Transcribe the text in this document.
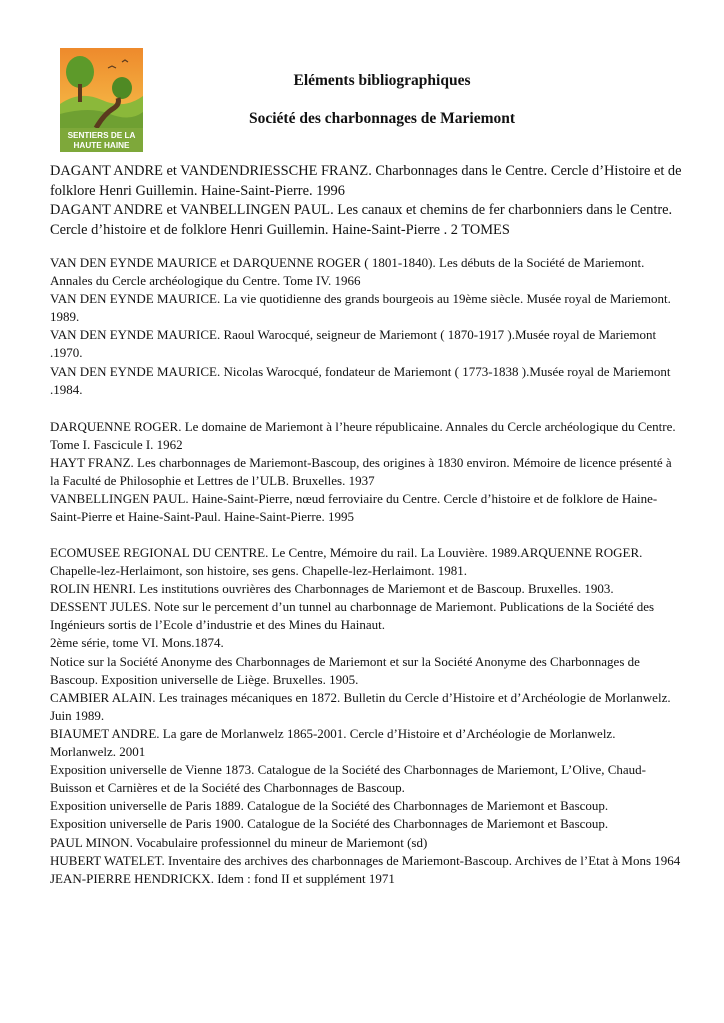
SENTIERS DE LA
HAUTE HAINE
Eléments bibliographiques
Société des charbonnages de Mariemont

DAGANT ANDRE et VANDENDRIESSCHE FRANZ. Charbonnages dans le Centre. Cercle d’Histoire et de folklore Henri Guillemin. Haine-Saint-Pierre. 1996

DAGANT ANDRE et VANBELLINGEN PAUL. Les canaux et chemins de fer charbonniers dans le Centre. Cercle d’histoire et de folklore Henri Guillemin. Haine-Saint-Pierre . 2 TOMES

VAN DEN EYNDE MAURICE et DARQUENNE ROGER ( 1801-1840). Les débuts de la Société de Mariemont. Annales du Cercle archéologique du Centre. Tome IV. 1966

VAN DEN EYNDE MAURICE. La vie quotidienne des grands bourgeois au 19ème siècle. Musée royal de Mariemont. 1989.

VAN DEN EYNDE MAURICE. Raoul Warocqué, seigneur de Mariemont ( 1870-1917 ).Musée royal de Mariemont .1970.

VAN DEN EYNDE MAURICE. Nicolas Warocqué, fondateur de Mariemont ( 1773-1838 ).Musée royal de Mariemont .1984.

DARQUENNE ROGER. Le domaine de Mariemont à l’heure républicaine. Annales du Cercle archéologique du Centre. Tome I. Fascicule I. 1962

HAYT FRANZ. Les charbonnages de Mariemont-Bascoup, des origines à 1830 environ. Mémoire de licence présenté à la Faculté de Philosophie et Lettres de l’ULB. Bruxelles. 1937

VANBELLINGEN PAUL. Haine-Saint-Pierre, nœud ferroviaire du Centre. Cercle d’histoire et de folklore de Haine-Saint-Pierre et Haine-Saint-Paul. Haine-Saint-Pierre. 1995

ECOMUSEE REGIONAL DU CENTRE. Le Centre, Mémoire du rail. La Louvière. 1989.ARQUENNE ROGER. Chapelle-lez-Herlaimont, son histoire, ses gens. Chapelle-lez-Herlaimont. 1981.

ROLIN HENRI. Les institutions ouvrières des Charbonnages de Mariemont et de Bascoup. Bruxelles. 1903.

DESSENT JULES. Note sur le percement d’un tunnel au charbonnage de Mariemont. Publications de la Société des Ingénieurs sortis de l’Ecole d’industrie et des Mines du Hainaut.

2ème série, tome VI. Mons.1874.

Notice sur la Société Anonyme des Charbonnages de Mariemont et sur la Société Anonyme des Charbonnages de Bascoup. Exposition universelle de Liège. Bruxelles. 1905.

CAMBIER ALAIN. Les trainages mécaniques en 1872. Bulletin du Cercle d’Histoire et d’Archéologie de Morlanwelz. Juin 1989.

BIAUMET ANDRE. La gare de Morlanwelz 1865-2001. Cercle d’Histoire et d’Archéologie de Morlanwelz. Morlanwelz. 2001

Exposition universelle de Vienne 1873. Catalogue de la Société des Charbonnages de Mariemont, L’Olive, Chaud-Buisson et Carnières et de la Société des Charbonnages de Bascoup.

Exposition universelle de Paris 1889. Catalogue de la Société des Charbonnages de Mariemont et Bascoup.

Exposition universelle de Paris 1900. Catalogue de la Société des Charbonnages de Mariemont et Bascoup.

PAUL MINON. Vocabulaire professionnel du mineur de Mariemont (sd)

HUBERT WATELET. Inventaire des archives des charbonnages de Mariemont-Bascoup. Archives de l’Etat à Mons 1964

JEAN-PIERRE HENDRICKX. Idem : fond II et supplément 1971
